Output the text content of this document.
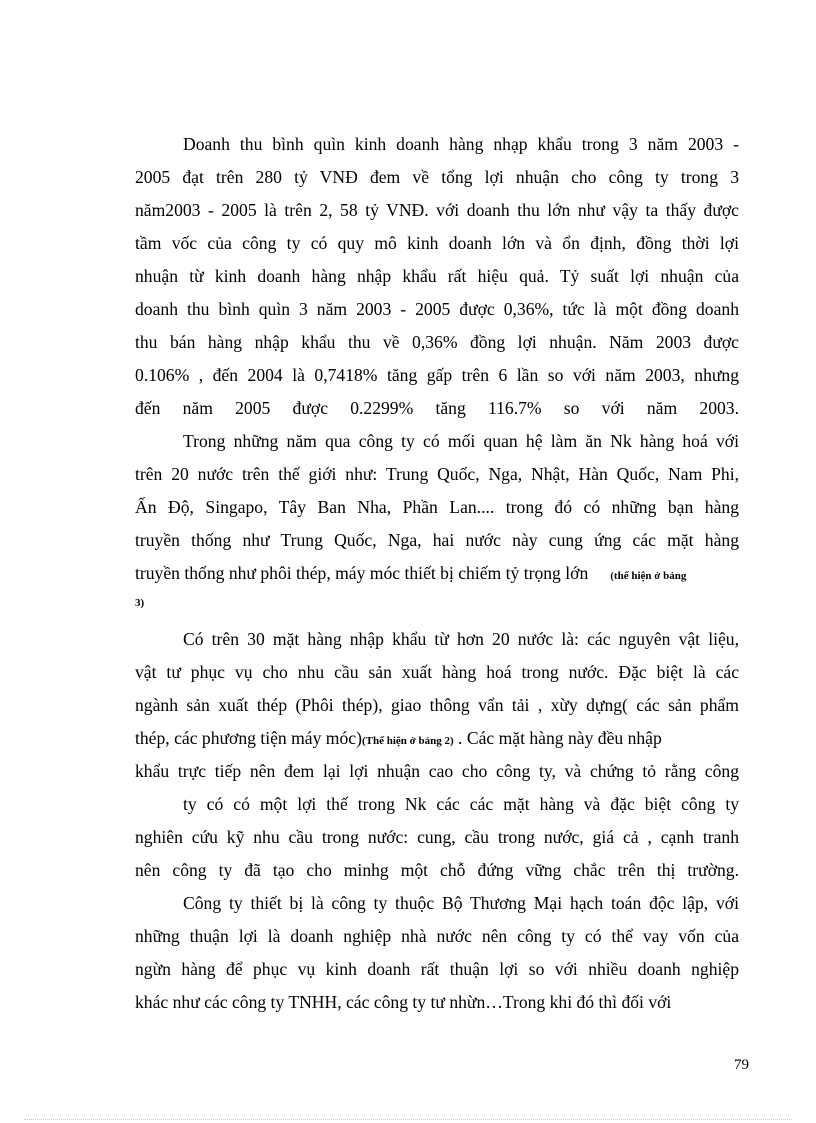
Doanh thu bình quìn kinh doanh hàng nhạp khẩu trong 3 năm 2003 -
2005 đạt trên 280 tỷ VNĐ đem về tổng lợi nhuận cho công ty trong 3
năm2003 - 2005 là trên 2, 58 tỷ VNĐ. với doanh thu lớn như vậy ta thấy được
tầm vốc của công ty có quy mô kinh doanh lớn và ổn định, đồng thời lợi
nhuận từ kinh doanh hàng nhập khẩu rất hiệu quả. Tỷ suất lợi nhuận của
doanh thu bình quìn 3 năm 2003 - 2005 được 0,36%, tức là một đồng doanh
thu bán hàng nhập khẩu thu về 0,36% đồng lợi nhuận. Năm 2003 được
0.106% , đến 2004 là 0,7418% tăng gấp trên 6 lần so với năm 2003, nhưng
đến năm 2005 được 0.2299% tăng 116.7% so với năm 2003.
Trong những năm qua công ty có mối quan hệ làm ăn Nk hàng hoá với
trên 20 nước trên thế giới như: Trung Quốc, Nga, Nhật, Hàn Quốc, Nam Phi,
Ấn Độ, Singapo, Tây Ban Nha, Phần Lan.... trong đó có những bạn hàng
truyền thống như Trung Quốc, Nga, hai nước này cung ứng các mặt hàng
truyền thống như phôi thép, máy móc thiết bị chiếm tỷ trọng lớn (thể hiện ở bảng
3)
Có trên 30 mặt hàng nhập khẩu từ hơn 20 nước là: các nguyên vật liệu,
vật tư phục vụ cho nhu cầu sản xuất hàng hoá trong nước. Đặc biệt là các
ngành sản xuất thép (Phôi thép), giao thông vẩn tải , xừy dựng( các sản phẩm
thép, các phương tiện máy móc)(Thể hiện ở bảng 2) . Các mặt hàng này đều nhập
khẩu trực tiếp nên đem lại lợi nhuận cao cho công ty, và chứng tỏ rằng công
ty có có một lợi thế trong Nk các các mặt hàng và đặc biệt công ty
nghiên cứu kỹ nhu cầu trong nước: cung, cầu trong nước, giá cả , cạnh tranh
nên công ty đã tạo cho minhg một chỗ đứng vững chắc trên thị trường.
Công ty thiết bị là công ty thuộc Bộ Thương Mại hạch toán độc lập, với
những thuận lợi là doanh nghiệp nhà nước nên công ty có thể vay vốn của
ngừn hàng để phục vụ kinh doanh rất thuận lợi so với nhiều doanh nghiệp
khác như các công ty TNHH, các công ty tư nhừn…Trong khi đó thì đối với
79
